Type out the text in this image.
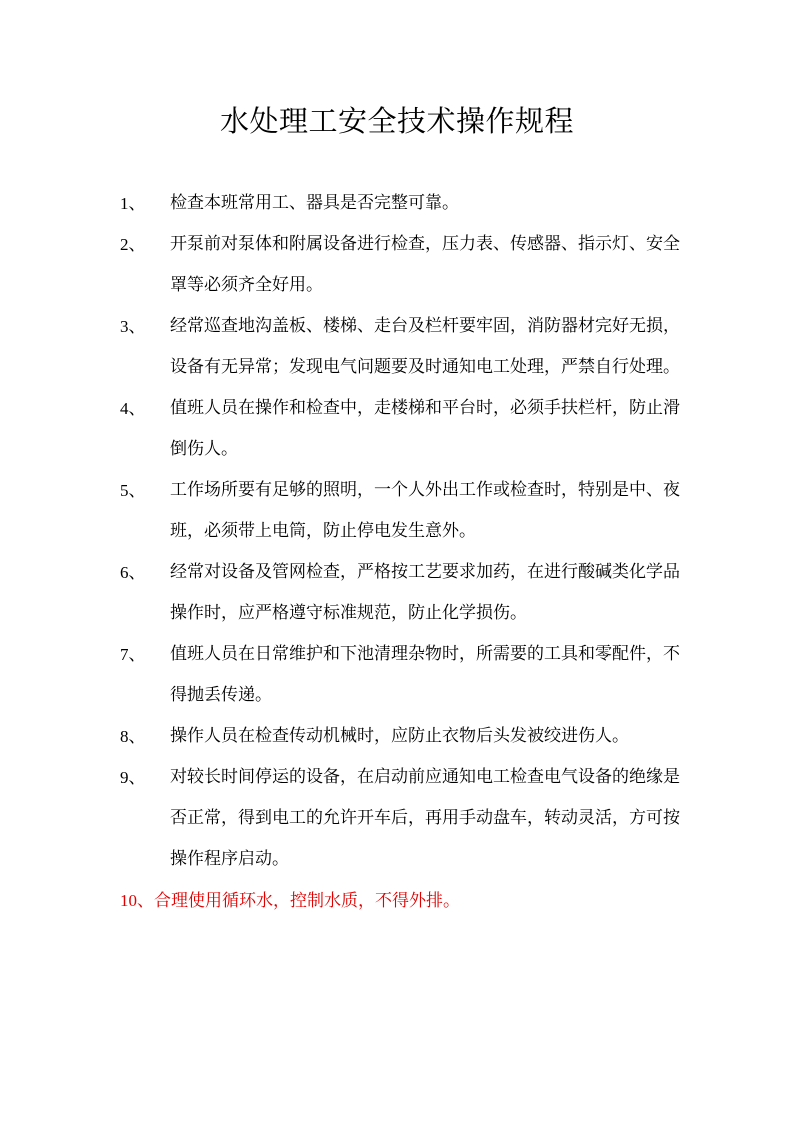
水处理工安全技术操作规程
1、	检查本班常用工、器具是否完整可靠。
2、	开泵前对泵体和附属设备进行检查，压力表、传感器、指示灯、安全罩等必须齐全好用。
3、	经常巡查地沟盖板、楼梯、走台及栏杆要牢固，消防器材完好无损，设备有无异常；发现电气问题要及时通知电工处理，严禁自行处理。
4、	值班人员在操作和检查中，走楼梯和平台时，必须手扶栏杆，防止滑倒伤人。
5、	工作场所要有足够的照明，一个人外出工作或检查时，特别是中、夜班，必须带上电筒，防止停电发生意外。
6、	经常对设备及管网检查，严格按工艺要求加药，在进行酸碱类化学品操作时，应严格遵守标准规范，防止化学损伤。
7、	值班人员在日常维护和下池清理杂物时，所需要的工具和零配件，不得抛丢传递。
8、	操作人员在检查传动机械时，应防止衣物后头发被绞进伤人。
9、	对较长时间停运的设备，在启动前应通知电工检查电气设备的绝缘是否正常，得到电工的允许开车后，再用手动盘车，转动灵活，方可按操作程序启动。
10、合理使用循环水，控制水质，不得外排。
